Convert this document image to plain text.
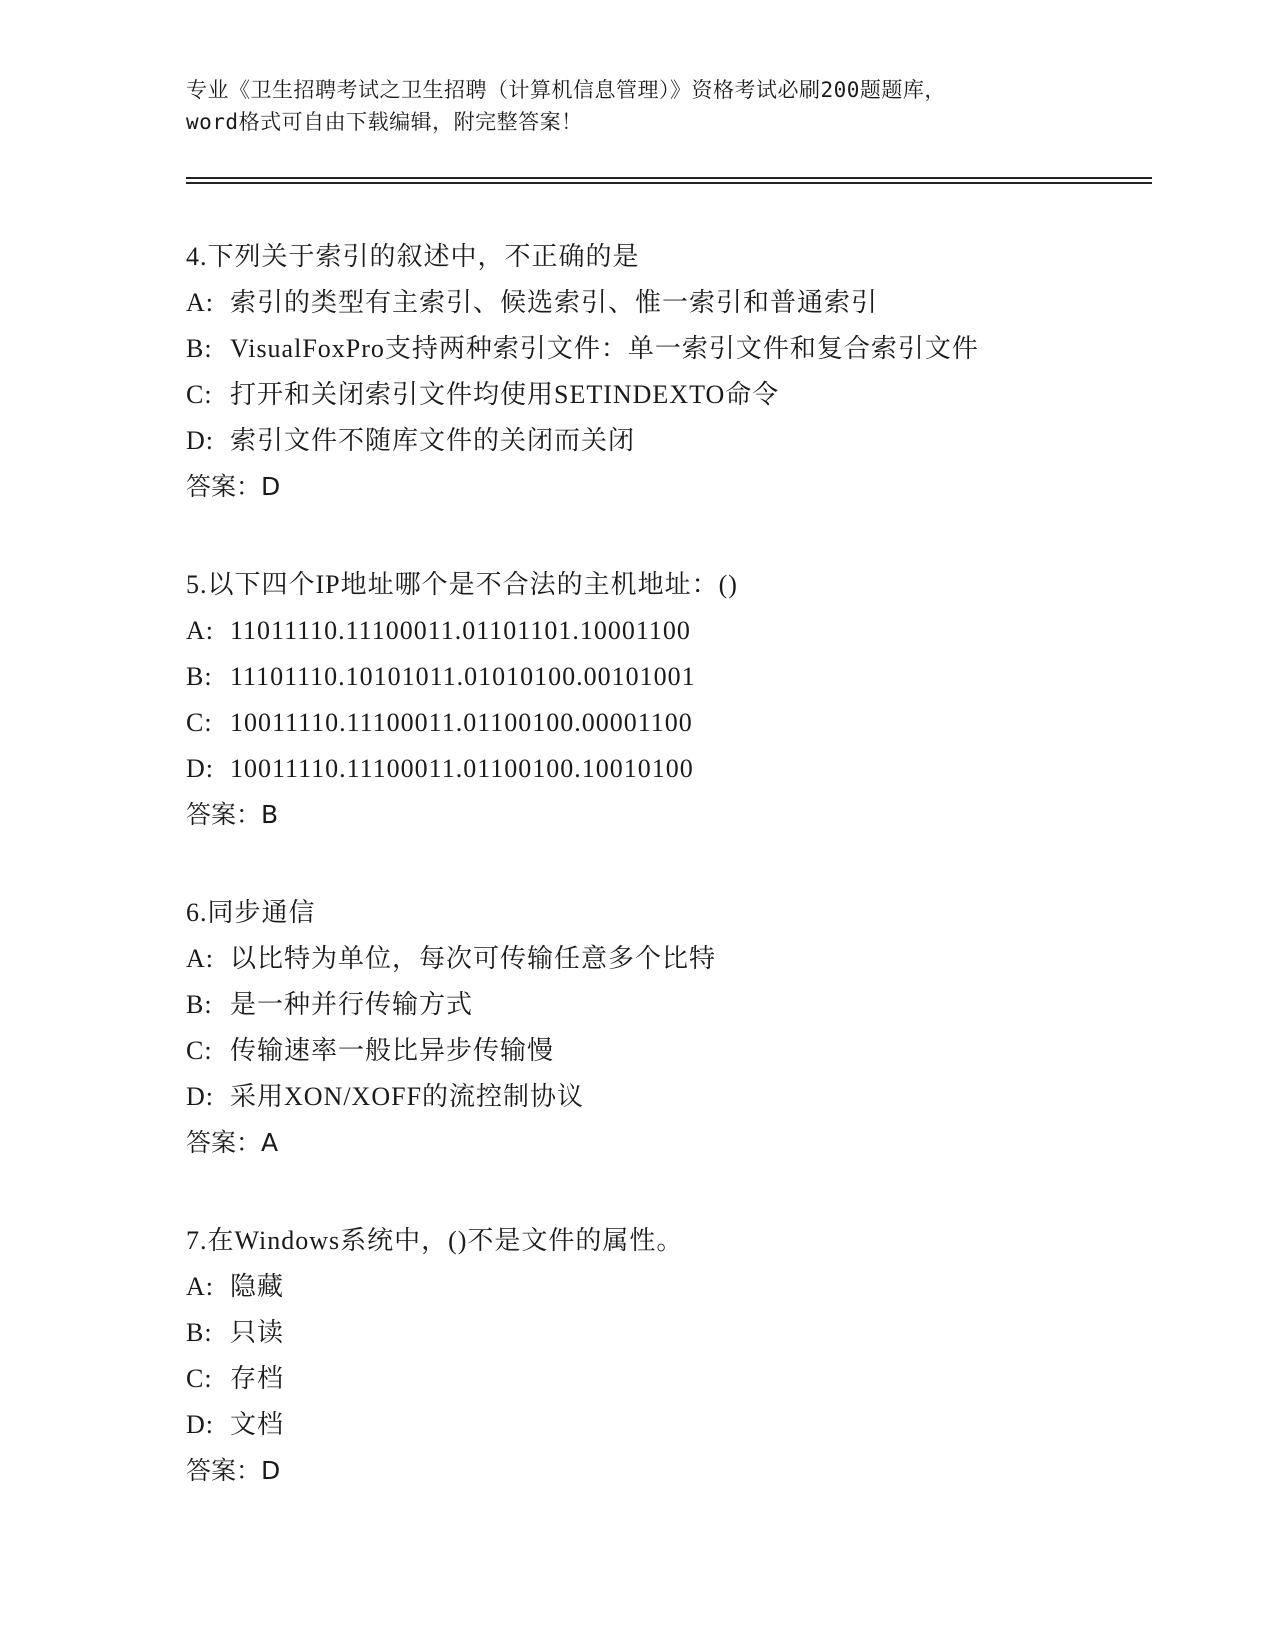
专业《卫生招聘考试之卫生招聘（计算机信息管理）》资格考试必刷200题题库，
word格式可自由下载编辑，附完整答案！
4.下列关于索引的叙述中，不正确的是
A: 索引的类型有主索引、候选索引、惟一索引和普通索引
B: VisualFoxPro支持两种索引文件：单一索引文件和复合索引文件
C: 打开和关闭索引文件均使用SETINDEXTO命令
D: 索引文件不随库文件的关闭而关闭
答案：D
5.以下四个IP地址哪个是不合法的主机地址：()
A: 11011110.11100011.01101101.10001100
B: 11101110.10101011.01010100.00101001
C: 10011110.11100011.01100100.00001100
D: 10011110.11100011.01100100.10010100
答案：B
6.同步通信
A: 以比特为单位，每次可传输任意多个比特
B: 是一种并行传输方式
C: 传输速率一般比异步传输慢
D: 采用XON/XOFF的流控制协议
答案：A
7.在Windows系统中，()不是文件的属性。
A: 隐藏
B: 只读
C: 存档
D: 文档
答案：D
